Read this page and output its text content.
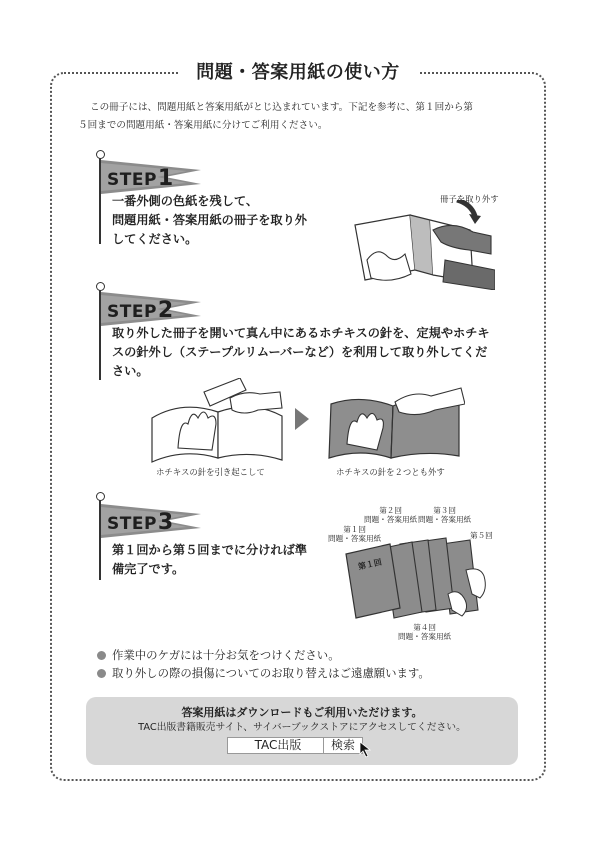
問題・答案用紙の使い方

この冊子には、問題用紙と答案用紙がとじ込まれています。下記を参考に、第１回から第

５回までの問題用紙・答案用紙に分けてご利用ください。
STEP1
一番外側の色紙を残して、
問題用紙・答案用紙の冊子を取り外
してください。
冊子を取り外す
STEP2
取り外した冊子を開いて真ん中にあるホチキスの針を、定規やホチキ
スの針外し（ステープルリムーバーなど）を利用して取り外してくだ
さい。
ホチキスの針を引き起こして	ホチキスの針を２つとも外す
STEP3
第１回から第５回までに分ければ準
備完了です。	第１回
第１回
問題・答案用紙
第２回
問題・答案用紙
第３回
問題・答案用紙
第５回
第４回
問題・答案用紙
作業中のケガには十分お気をつけください。
取り外しの際の損傷についてのお取り替えはご遠慮願います。
答案用紙はダウンロードもご利用いただけます。
TAC出版書籍販売サイト、サイバーブックストアにアクセスしてください。
TAC出版	検索
